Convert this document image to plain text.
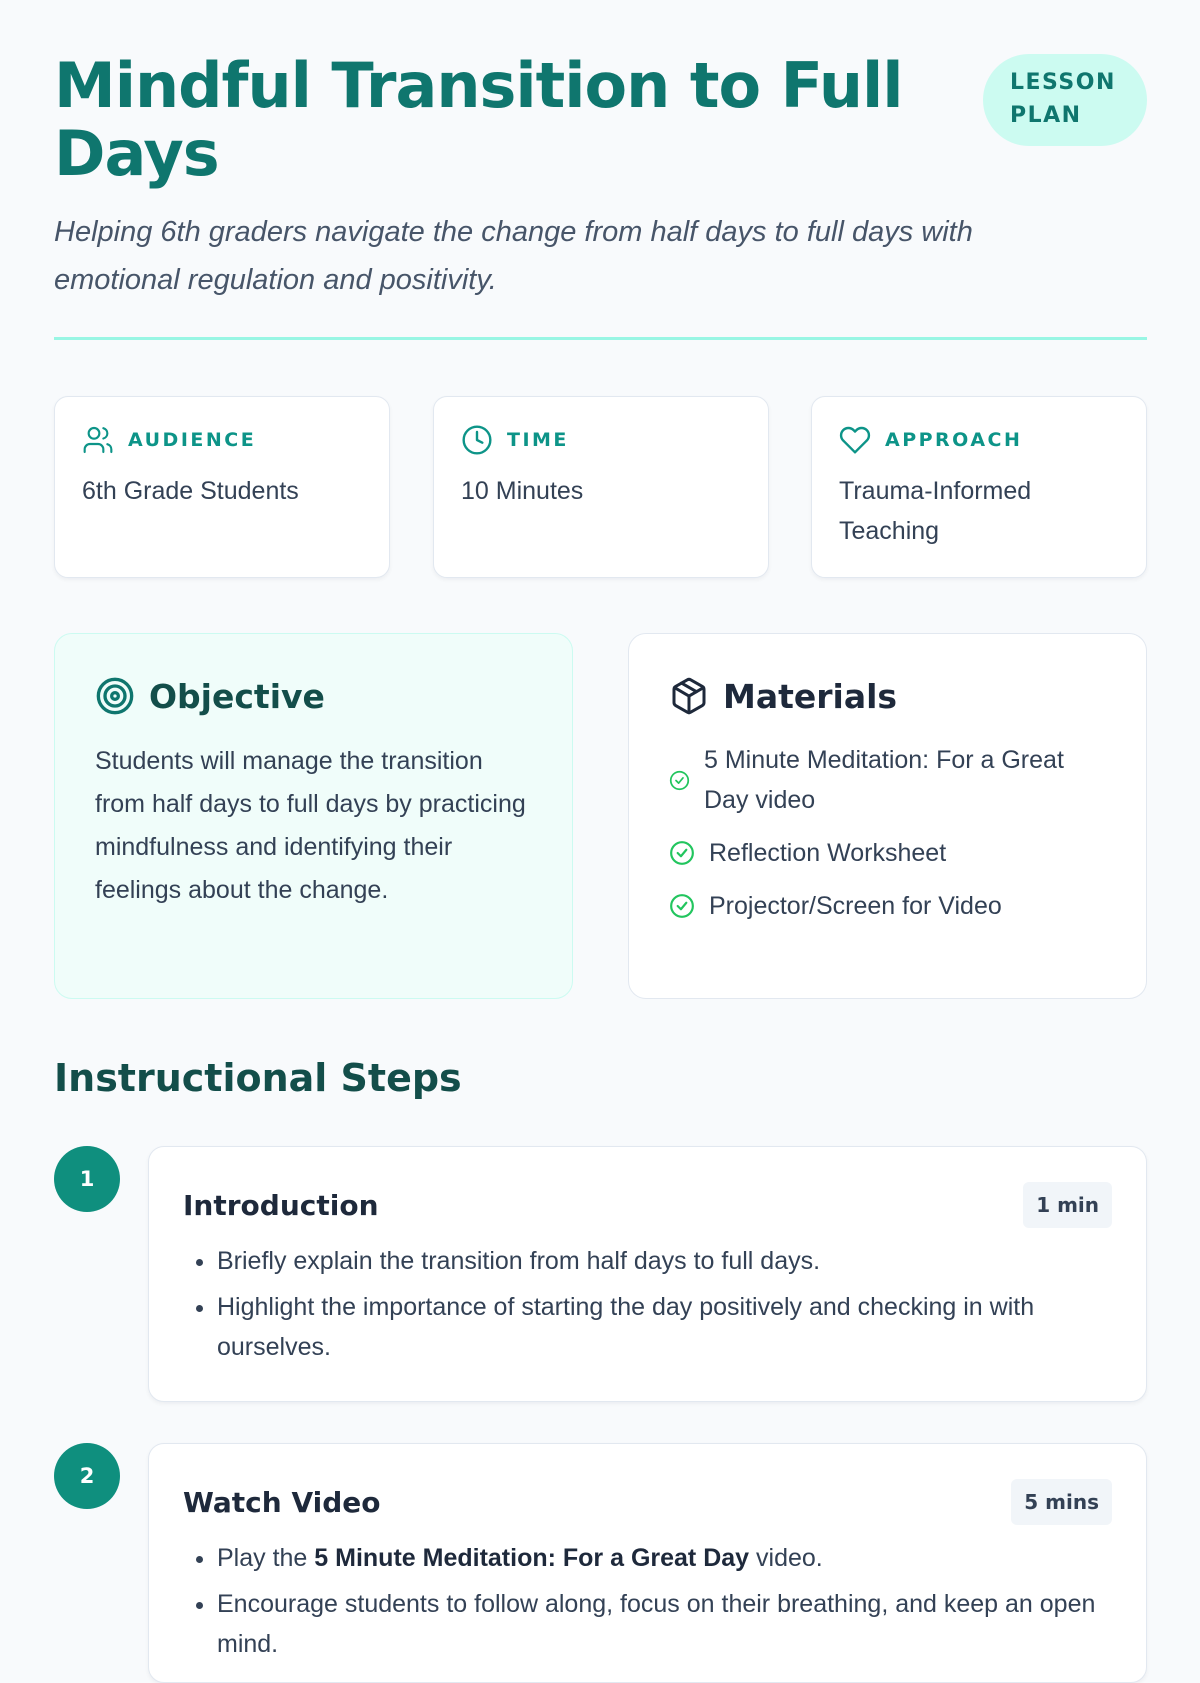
Mindful Transition to Full Days
LESSON PLAN

Helping 6th graders navigate the change from half days to full days with emotional regulation and positivity.

AUDIENCE
6th Grade Students
TIME
10 Minutes
APPROACH
Trauma-Informed Teaching
Objective

Students will manage the transition from half days to full days by practicing mindfulness and identifying their feelings about the change.

Materials
5 Minute Meditation: For a Great Day video
Reflection Worksheet
Projector/Screen for Video
Instructional Steps
1
Introduction	1 min
• Briefly explain the transition from half days to full days.
• Highlight the importance of starting the day positively and checking in with ourselves.
2
Watch Video	5 mins
• Play the 5 Minute Meditation: For a Great Day video.
• Encourage students to follow along, focus on their breathing, and keep an open mind.
